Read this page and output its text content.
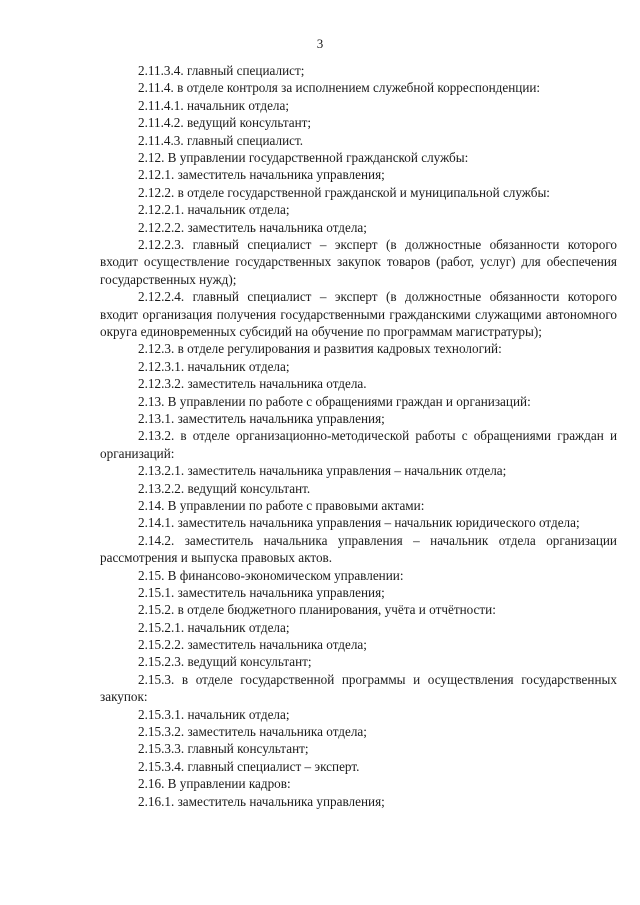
3
2.11.3.4. главный специалист;
2.11.4. в отделе контроля за исполнением служебной корреспонденции:
2.11.4.1. начальник отдела;
2.11.4.2. ведущий консультант;
2.11.4.3. главный специалист.
2.12. В управлении государственной гражданской службы:
2.12.1. заместитель начальника управления;
2.12.2. в отделе государственной гражданской и муниципальной службы:
2.12.2.1. начальник отдела;
2.12.2.2. заместитель начальника отдела;
2.12.2.3. главный специалист – эксперт (в должностные обязанности которого входит осуществление государственных закупок товаров (работ, услуг) для обеспечения государственных нужд);
2.12.2.4. главный специалист – эксперт (в должностные обязанности которого входит организация получения государственными гражданскими служащими автономного округа единовременных субсидий на обучение по программам магистратуры);
2.12.3. в отделе регулирования и развития кадровых технологий:
2.12.3.1. начальник отдела;
2.12.3.2. заместитель начальника отдела.
2.13. В управлении по работе с обращениями граждан и организаций:
2.13.1. заместитель начальника управления;
2.13.2. в отделе организационно-методической работы с обращениями граждан и организаций:
2.13.2.1. заместитель начальника управления – начальник отдела;
2.13.2.2. ведущий консультант.
2.14. В управлении по работе с правовыми актами:
2.14.1. заместитель начальника управления – начальник юридического отдела;
2.14.2. заместитель начальника управления – начальник отдела организации рассмотрения и выпуска правовых актов.
2.15. В финансово-экономическом управлении:
2.15.1. заместитель начальника управления;
2.15.2. в отделе бюджетного планирования, учёта и отчётности:
2.15.2.1. начальник отдела;
2.15.2.2. заместитель начальника отдела;
2.15.2.3. ведущий консультант;
2.15.3. в отделе государственной программы и осуществления государственных закупок:
2.15.3.1. начальник отдела;
2.15.3.2. заместитель начальника отдела;
2.15.3.3. главный консультант;
2.15.3.4. главный специалист – эксперт.
2.16. В управлении кадров:
2.16.1. заместитель начальника управления;
